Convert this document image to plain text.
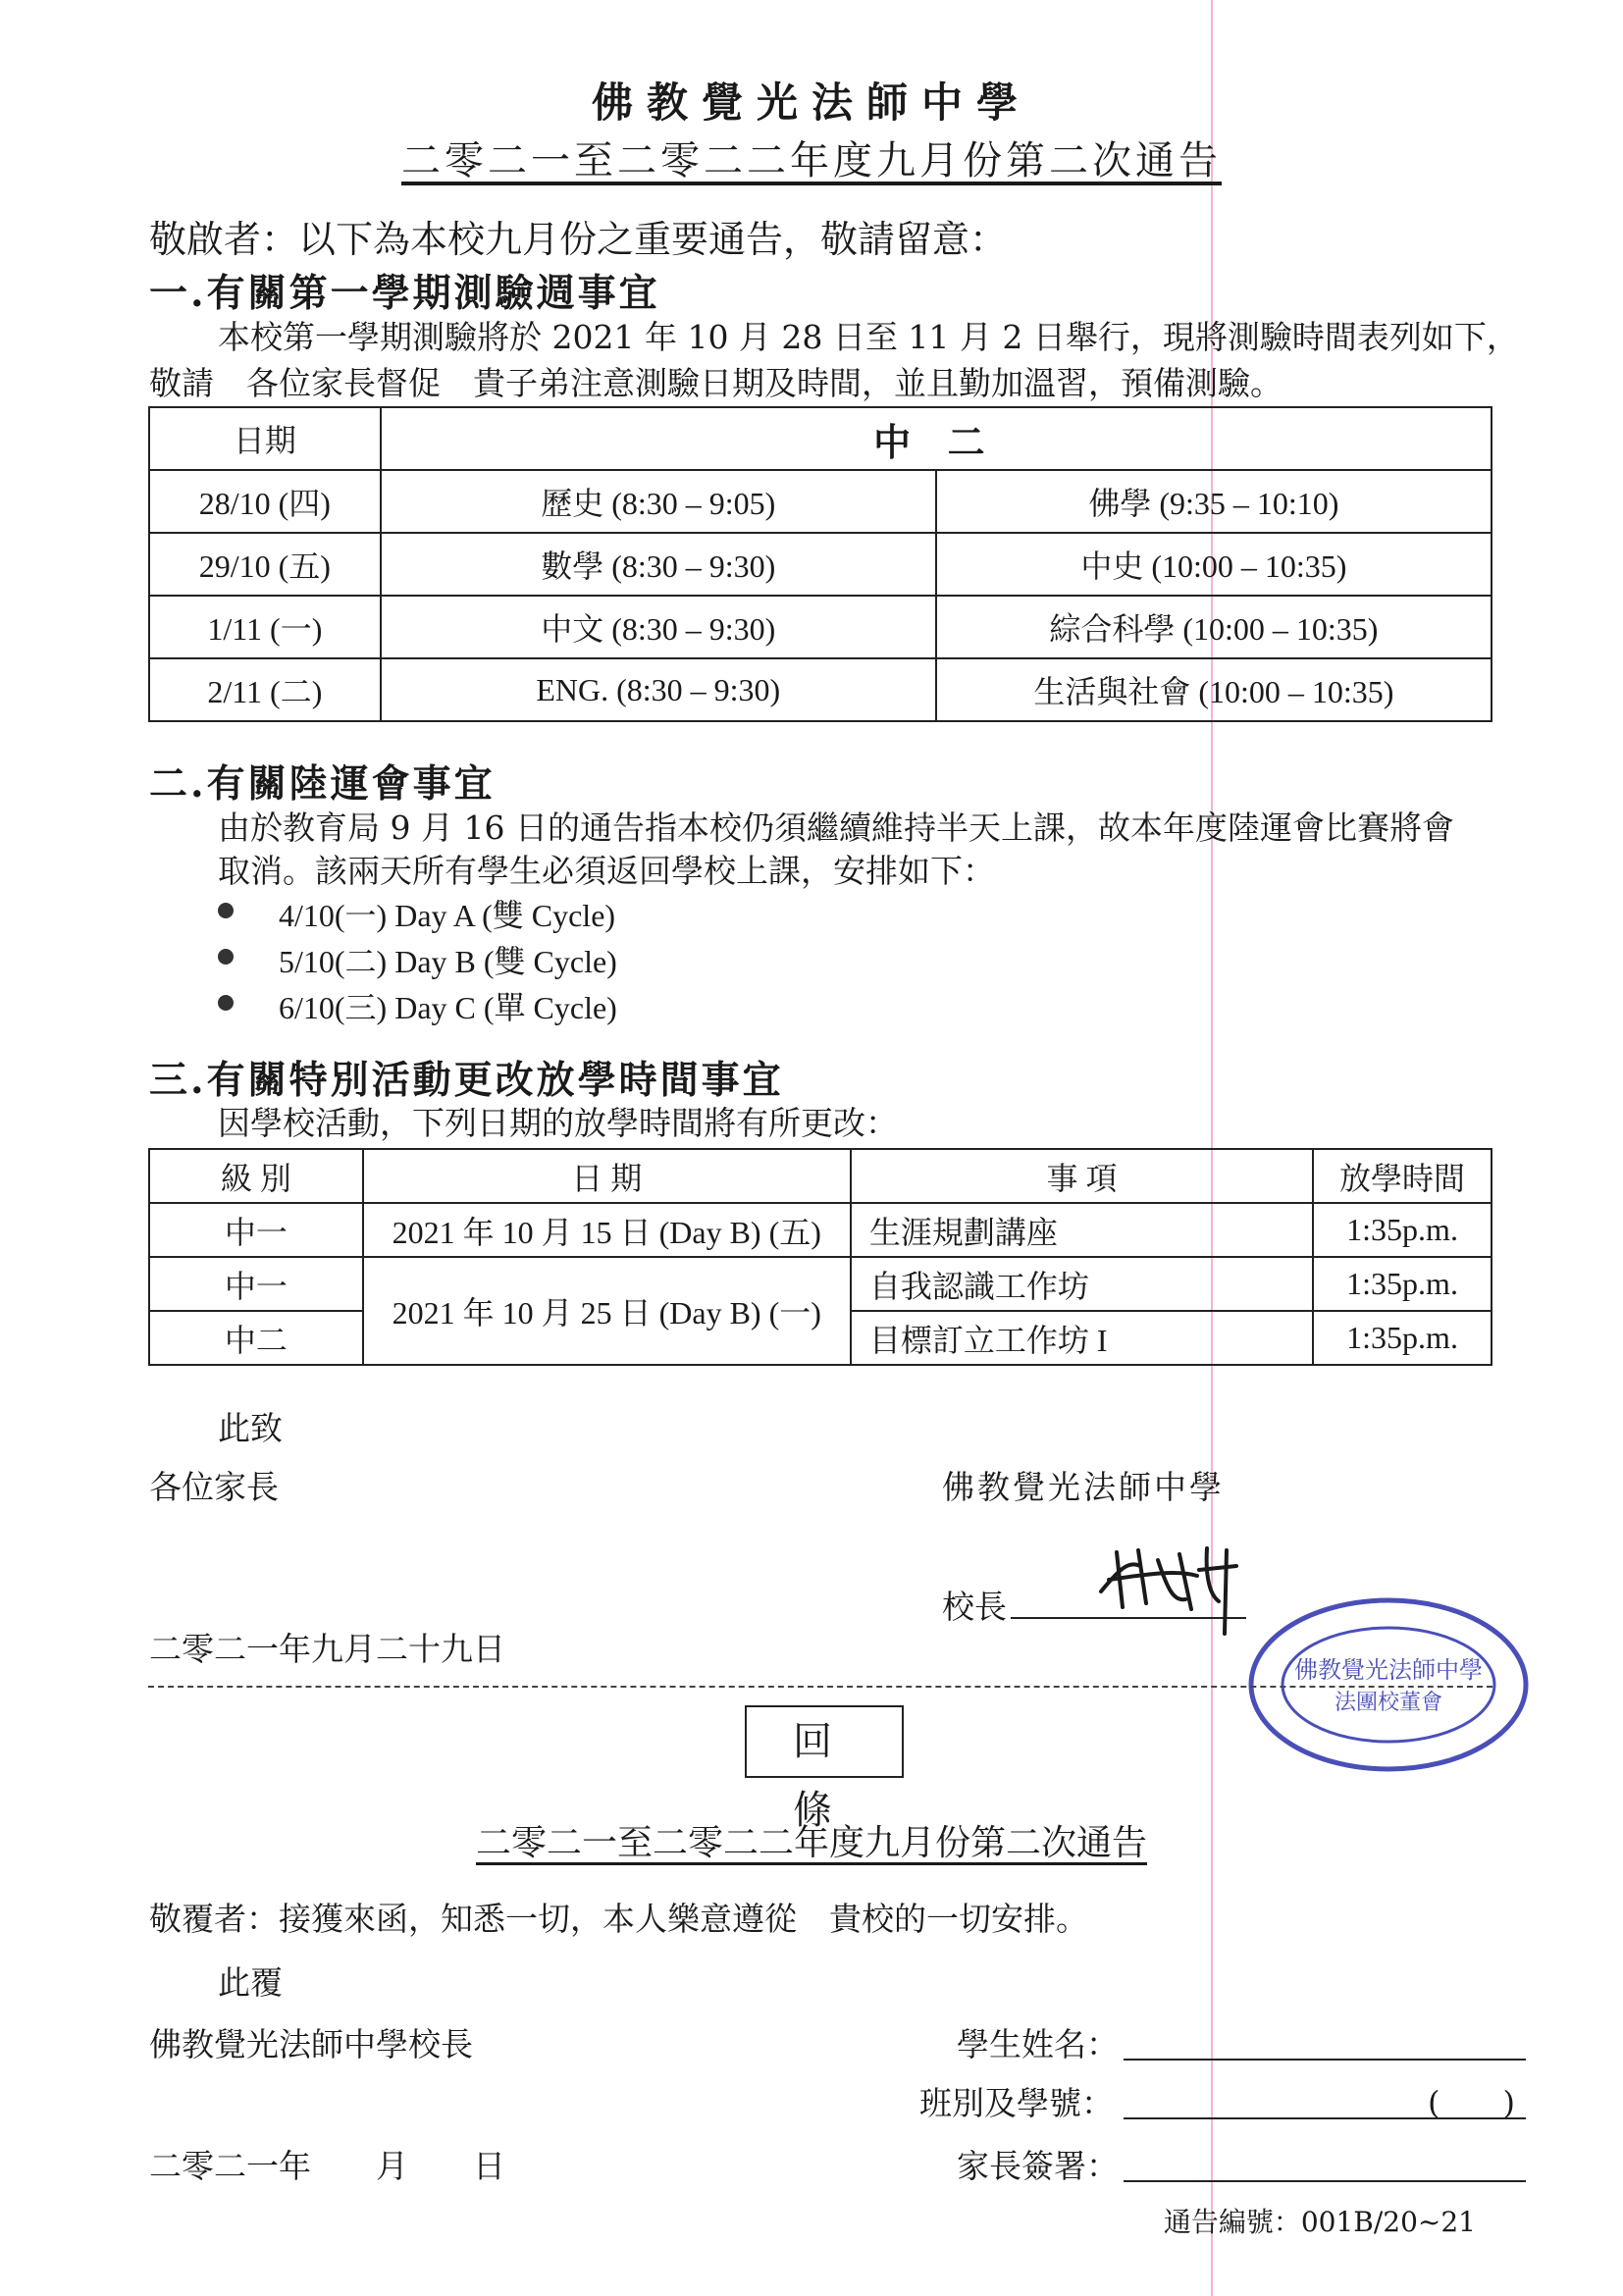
佛教覺光法師中學
二零二一至二零二二年度九月份第二次通告
敬啟者：以下為本校九月份之重要通告，敬請留意：
一.有關第一學期測驗週事宜
本校第一學期測驗將於 2021 年 10 月 28 日至 11 月 2 日舉行，現將測驗時間表列如下，
敬請　各位家長督促　貴子弟注意測驗日期及時間，並且勤加溫習，預備測驗。
日期	中 二	
28/10 (四)	歷史 (8:30 – 9:05)	佛學 (9:35 – 10:10)
29/10 (五)	數學 (8:30 – 9:30)	中史 (10:00 – 10:35)
1/11 (一)	中文 (8:30 – 9:30)	綜合科學 (10:00 – 10:35)
2/11 (二)	ENG. (8:30 – 9:30)	生活與社會 (10:00 – 10:35)
二.有關陸運會事宜
由於教育局 9 月 16 日的通告指本校仍須繼續維持半天上課，故本年度陸運會比賽將會
取消。該兩天所有學生必須返回學校上課，安排如下：
4/10(一) Day A (雙 Cycle)
5/10(二) Day B (雙 Cycle)
6/10(三) Day C (單 Cycle)
三.有關特別活動更改放學時間事宜
因學校活動，下列日期的放學時間將有所更改：
級 別	日 期	事 項	放學時間
中一	2021 年 10 月 15 日 (Day B) (五)	生涯規劃講座	1:35p.m.
中一	2021 年 10 月 25 日 (Day B) (一)	自我認識工作坊	1:35p.m.
中二		目標訂立工作坊 I	1:35p.m.
此致
各位家長	佛教覺光法師中學
校長
二零二一年九月二十九日
佛教覺光法師中學
法團校董會
回 條
二零二一至二零二二年度九月份第二次通告
敬覆者：接獲來函，知悉一切，本人樂意遵從　貴校的一切安排。
此覆
佛教覺光法師中學校長	學生姓名：
班別及學號：	(　　)
二零二一年　　月　　日	家長簽署：
通告編號：001B/20~21
